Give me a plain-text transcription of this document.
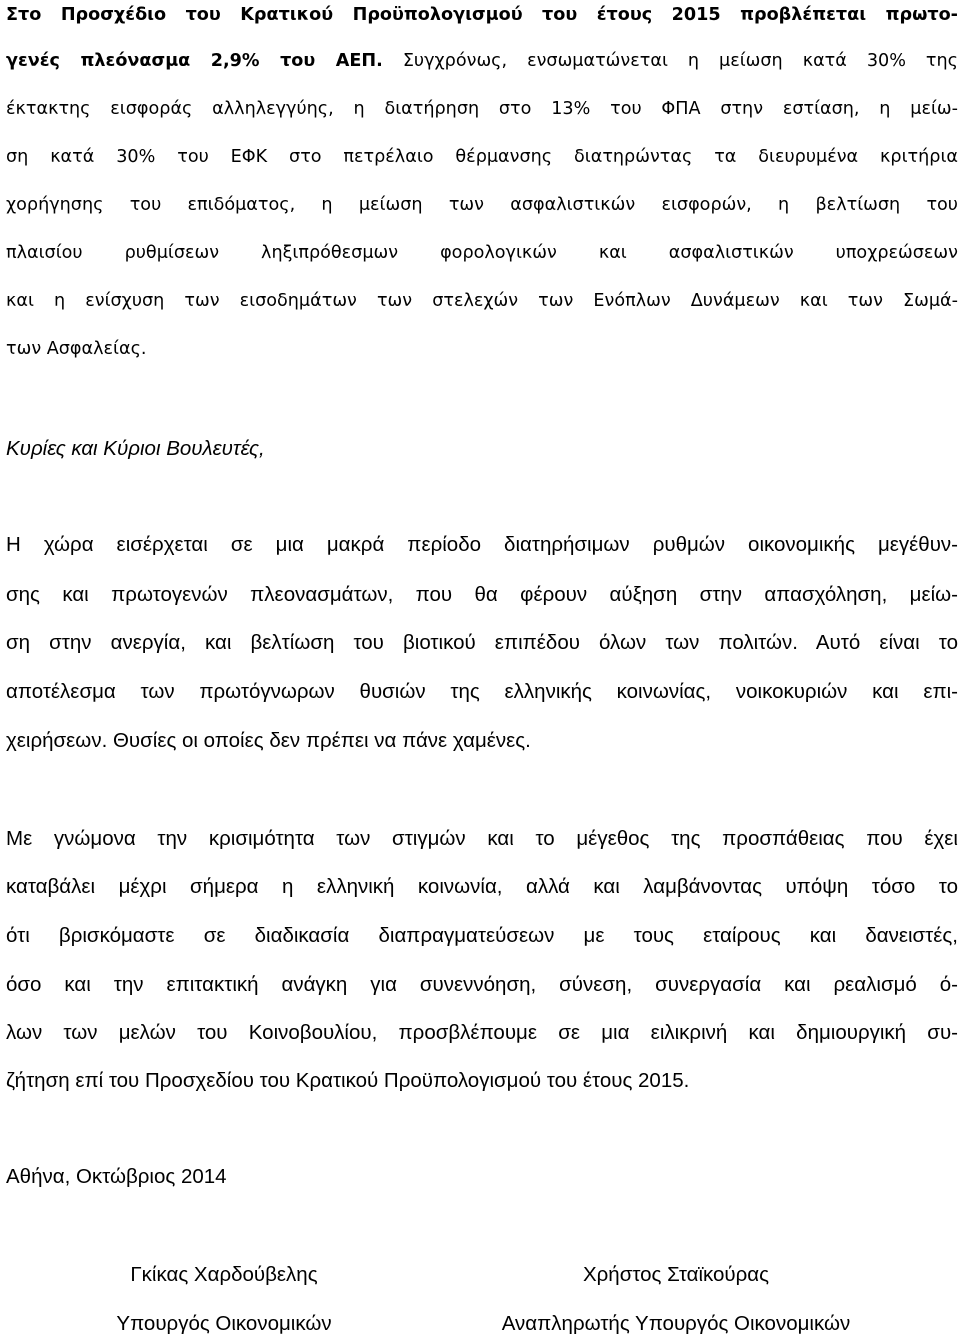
Στο Προσχέδιο του Κρατικού Προϋπολογισμού του έτους 2015 προβλέπεται πρωτο-
γενές πλεόνασμα 2,9% του ΑΕΠ. Συγχρόνως, ενσωματώνεται η μείωση κατά 30% της
έκτακτης εισφοράς αλληλεγγύης, η διατήρηση στο 13% του ΦΠΑ στην εστίαση, η μείω-
ση κατά 30% του ΕΦΚ στο πετρέλαιο θέρμανσης διατηρώντας τα διευρυμένα κριτήρια
χορήγησης του επιδόματος, η μείωση των ασφαλιστικών εισφορών, η βελτίωση του
πλαισίου ρυθμίσεων ληξιπρόθεσμων φορολογικών και ασφαλιστικών υποχρεώσεων
και η ενίσχυση των εισοδημάτων των στελεχών των Ενόπλων Δυνάμεων και των Σωμά-
των Ασφαλείας.
Κυρίες και Κύριοι Βουλευτές,
Η χώρα εισέρχεται σε μια μακρά περίοδο διατηρήσιμων ρυθμών οικονομικής μεγέθυν-
σης και πρωτογενών πλεονασμάτων, που θα φέρουν αύξηση στην απασχόληση, μείω-
ση στην ανεργία, και βελτίωση του βιοτικού επιπέδου όλων των πολιτών. Αυτό είναι το
αποτέλεσμα των πρωτόγνωρων θυσιών της ελληνικής κοινωνίας, νοικοκυριών και επι-
χειρήσεων. Θυσίες οι οποίες δεν πρέπει να πάνε χαμένες.
Με γνώμονα την κρισιμότητα των στιγμών και το μέγεθος της προσπάθειας που έχει
καταβάλει μέχρι σήμερα η ελληνική κοινωνία, αλλά και λαμβάνοντας υπόψη τόσο το
ότι βρισκόμαστε σε διαδικασία διαπραγματεύσεων με τους εταίρους και δανειστές,
όσο και την επιτακτική ανάγκη για συνεννόηση, σύνεση, συνεργασία και ρεαλισμό ό-
λων των μελών του Κοινοβουλίου, προσβλέπουμε σε μια ειλικρινή και δημιουργική συ-
ζήτηση επί του Προσχεδίου του Κρατικού Προϋπολογισμού του έτους 2015.
Αθήνα, Οκτώβριος 2014
Γκίκας Χαρδούβελης
Υπουργός Οικονομικών
Χρήστος Σταϊκούρας
Αναπληρωτής Υπουργός Οικονομικών
